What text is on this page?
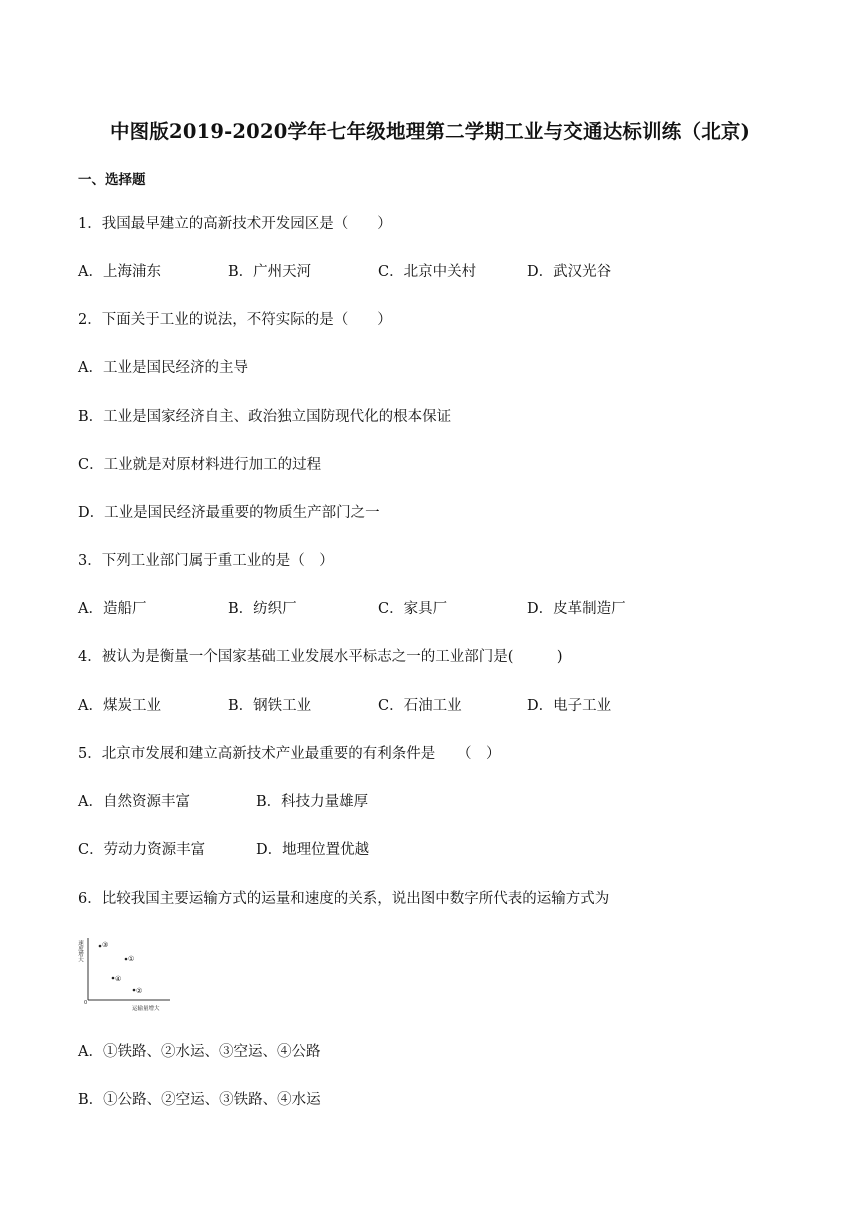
中图版2019-2020学年七年级地理第二学期工业与交通达标训练（北京)
一、选择题
1．我国最早建立的高新技术开发园区是（　　）
A．上海浦东	B．广州天河	C．北京中关村	D．武汉光谷
2．下面关于工业的说法，不符实际的是（　　）
A．工业是国民经济的主导
B．工业是国家经济自主、政治独立国防现代化的根本保证
C．工业就是对原材料进行加工的过程
D．工业是国民经济最重要的物质生产部门之一
3．下列工业部门属于重工业的是（　）
A．造船厂	B．纺织厂	C．家具厂	D．皮革制造厂
4．被认为是衡量一个国家基础工业发展水平标志之一的工业部门是(　　　)
A．煤炭工业	B．钢铁工业	C．石油工业	D．电子工业
5．北京市发展和建立高新技术产业最重要的有利条件是　　（　）
A．自然资源丰富	B．科技力量雄厚
C．劳动力资源丰富	D．地理位置优越
6．比较我国主要运输方式的运量和速度的关系，说出图中数字所代表的运输方式为
速度增大
0
运输量增大
③
①
④
②
A．①铁路、②水运、③空运、④公路
B．①公路、②空运、③铁路、④水运
